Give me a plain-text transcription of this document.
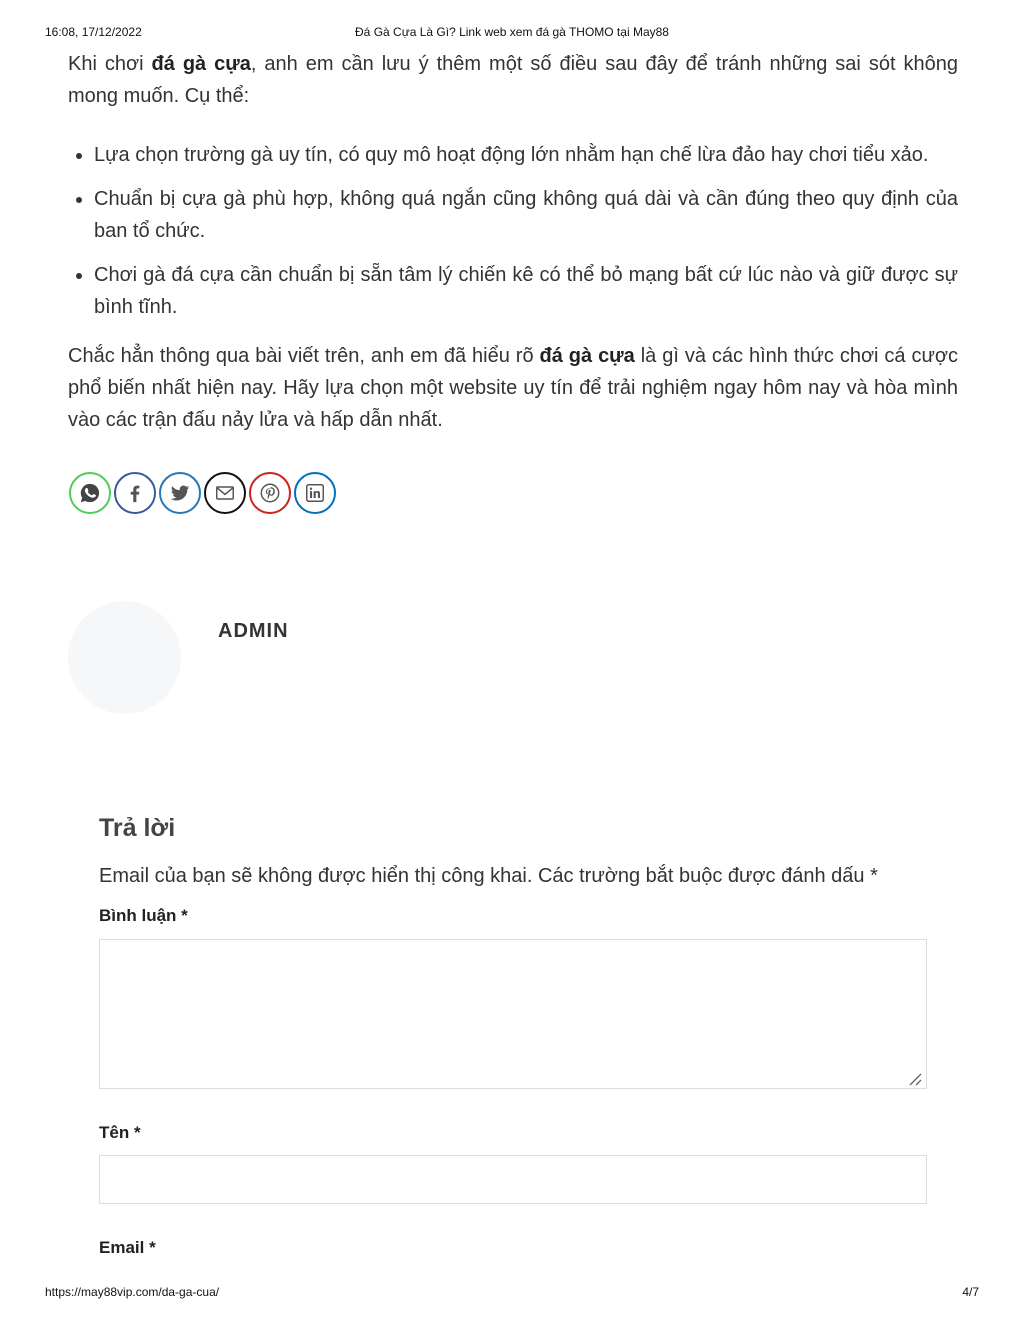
16:08, 17/12/2022	Đá Gà Cựa Là Gì? Link web xem đá gà THOMO tại May88

Khi chơi đá gà cựa, anh em cần lưu ý thêm một số điều sau đây để tránh những sai sót không mong muốn. Cụ thể:

• Lựa chọn trường gà uy tín, có quy mô hoạt động lớn nhằm hạn chế lừa đảo hay chơi tiểu xảo.
• Chuẩn bị cựa gà phù hợp, không quá ngắn cũng không quá dài và cần đúng theo quy định của ban tổ chức.
• Chơi gà đá cựa cần chuẩn bị sẵn tâm lý chiến kê có thể bỏ mạng bất cứ lúc nào và giữ được sự bình tĩnh.

Chắc hẳn thông qua bài viết trên, anh em đã hiểu rõ đá gà cựa là gì và các hình thức chơi cá cược phổ biến nhất hiện nay. Hãy lựa chọn một website uy tín để trải nghiệm ngay hôm nay và hòa mình vào các trận đấu nảy lửa và hấp dẫn nhất.

ADMIN
Trả lời
Email của bạn sẽ không được hiển thị công khai. Các trường bắt buộc được đánh dấu *
Bình luận *
Tên *
Email *
https://may88vip.com/da-ga-cua/	4/7
